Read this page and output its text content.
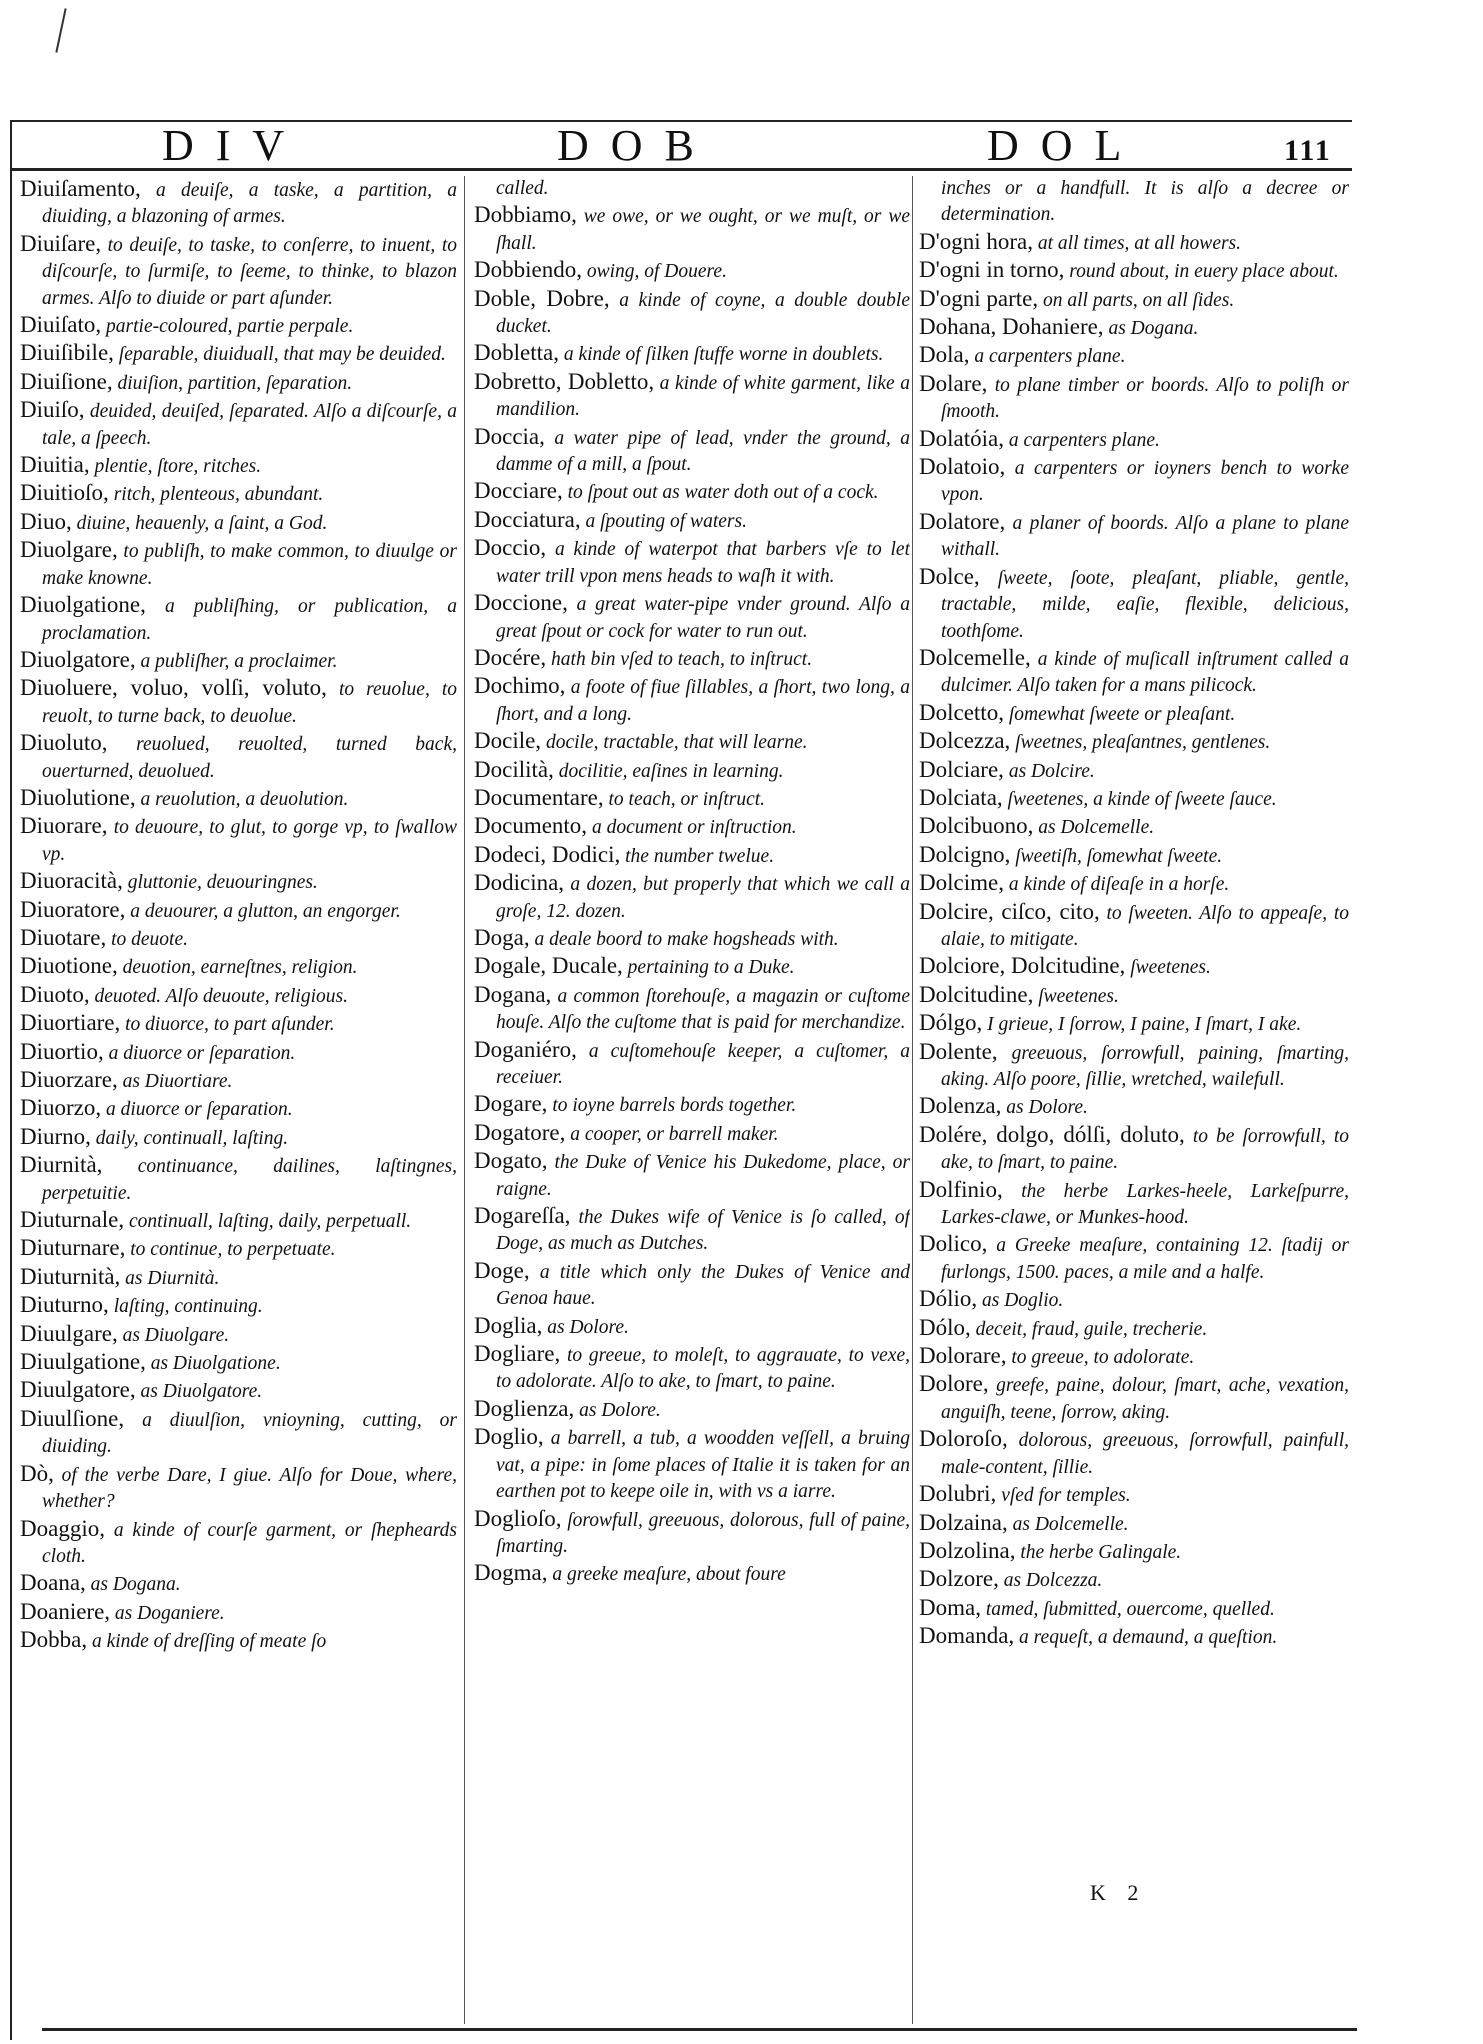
DIV	DOB	DOL	111

Diuiſamento, a deuiſe, a taske, a partition, a diuiding, a blazoning of armes.

Diuiſare, to deuiſe, to taske, to conſerre, to inuent, to diſcourſe, to ſurmiſe, to ſeeme, to thinke, to blazon armes. Alſo to diuide or part aſunder.

Diuiſato, partie-coloured, partie perpale.

Diuiſibile, ſeparable, diuiduall, that may be deuided.

Diuiſione, diuiſion, partition, ſeparation.

Diuiſo, deuided, deuiſed, ſeparated. Alſo a diſcourſe, a tale, a ſpeech.

Diuitia, plentie, ſtore, ritches.

Diuitioſo, ritch, plenteous, abundant.

Diuo, diuine, heauenly, a ſaint, a God.

Diuolgare, to publiſh, to make common, to diuulge or make knowne.

Diuolgatione, a publiſhing, or publication, a proclamation.

Diuolgatore, a publiſher, a proclaimer.

Diuoluere, voluo, volſi, voluto, to reuolue, to reuolt, to turne back, to deuolue.

Diuoluto, reuolued, reuolted, turned back, ouerturned, deuolued.

Diuolutione, a reuolution, a deuolution.

Diuorare, to deuoure, to glut, to gorge vp, to ſwallow vp.

Diuoracità, gluttonie, deuouringnes.

Diuoratore, a deuourer, a glutton, an engorger.

Diuotare, to deuote.

Diuotione, deuotion, earneſtnes, religion.

Diuoto, deuoted. Alſo deuoute, religious.

Diuortiare, to diuorce, to part aſunder.

Diuortio, a diuorce or ſeparation.

Diuorzare, as Diuortiare.

Diuorzo, a diuorce or ſeparation.

Diurno, daily, continuall, laſting.

Diurnità, continuance, dailines, laſtingnes, perpetuitie.

Diuturnale, continuall, laſting, daily, perpetuall.

Diuturnare, to continue, to perpetuate.

Diuturnità, as Diurnità.

Diuturno, laſting, continuing.

Diuulgare, as Diuolgare.

Diuulgatione, as Diuolgatione.

Diuulgatore, as Diuolgatore.

Diuulſione, a diuulſion, vnioyning, cutting, or diuiding.

Dò, of the verbe Dare, I giue. Alſo for Doue, where, whether?

Doaggio, a kinde of courſe garment, or ſhepheards cloth.

Doana, as Dogana.

Doaniere, as Doganiere.

Dobba, a kinde of dreſſing of meate ſo

called.

Dobbiamo, we owe, or we ought, or we muſt, or we ſhall.

Dobbiendo, owing, of Douere.

Doble, Dobre, a kinde of coyne, a double double ducket.

Dobletta, a kinde of ſilken ſtuffe worne in doublets.

Dobretto, Dobletto, a kinde of white garment, like a mandilion.

Doccia, a water pipe of lead, vnder the ground, a damme of a mill, a ſpout.

Docciare, to ſpout out as water doth out of a cock.

Docciatura, a ſpouting of waters.

Doccio, a kinde of waterpot that barbers vſe to let water trill vpon mens heads to waſh it with.

Doccione, a great water-pipe vnder ground. Alſo a great ſpout or cock for water to run out.

Docére, hath bin vſed to teach, to inſtruct.

Dochimo, a foote of fiue ſillables, a ſhort, two long, a ſhort, and a long.

Docile, docile, tractable, that will learne.

Docilità, docilitie, eaſines in learning.

Documentare, to teach, or inſtruct.

Documento, a document or inſtruction.

Dodeci, Dodici, the number twelue.

Dodicina, a dozen, but properly that which we call a groſe, 12. dozen.

Doga, a deale boord to make hogsheads with.

Dogale, Ducale, pertaining to a Duke.

Dogana, a common ſtorehouſe, a magazin or cuſtome houſe. Alſo the cuſtome that is paid for merchandize.

Doganiéro, a cuſtomehouſe keeper, a cuſtomer, a receiuer.

Dogare, to ioyne barrels bords together.

Dogatore, a cooper, or barrell maker.

Dogato, the Duke of Venice his Dukedome, place, or raigne.

Dogareſſa, the Dukes wife of Venice is ſo called, of Doge, as much as Dutches.

Doge, a title which only the Dukes of Venice and Genoa haue.

Doglia, as Dolore.

Dogliare, to greeue, to moleſt, to aggrauate, to vexe, to adolorate. Alſo to ake, to ſmart, to paine.

Doglienza, as Dolore.

Doglio, a barrell, a tub, a woodden veſſell, a bruing vat, a pipe: in ſome places of Italie it is taken for an earthen pot to keepe oile in, with vs a iarre.

Doglioſo, ſorowfull, greeuous, dolorous, full of paine, ſmarting.

Dogma, a greeke meaſure, about foure

inches or a handfull. It is alſo a decree or determination.

D'ogni hora, at all times, at all howers.

D'ogni in torno, round about, in euery place about.

D'ogni parte, on all parts, on all ſides.

Dohana, Dohaniere, as Dogana.

Dola, a carpenters plane.

Dolare, to plane timber or boords. Alſo to poliſh or ſmooth.

Dolatóia, a carpenters plane.

Dolatoio, a carpenters or ioyners bench to worke vpon.

Dolatore, a planer of boords. Alſo a plane to plane withall.

Dolce, ſweete, ſoote, pleaſant, pliable, gentle, tractable, milde, eaſie, flexible, delicious, toothſome.

Dolcemelle, a kinde of muſicall inſtrument called a dulcimer. Alſo taken for a mans pilicock.

Dolcetto, ſomewhat ſweete or pleaſant.

Dolcezza, ſweetnes, pleaſantnes, gentlenes.

Dolciare, as Dolcire.

Dolciata, ſweetenes, a kinde of ſweete ſauce.

Dolcibuono, as Dolcemelle.

Dolcigno, ſweetiſh, ſomewhat ſweete.

Dolcime, a kinde of diſeaſe in a horſe.

Dolcire, ciſco, cito, to ſweeten. Alſo to appeaſe, to alaie, to mitigate.

Dolciore, Dolcitudine, ſweetenes.

Dolcitudine, ſweetenes.

Dólgo, I grieue, I ſorrow, I paine, I ſmart, I ake.

Dolente, greeuous, ſorrowfull, paining, ſmarting, aking. Alſo poore, ſillie, wretched, wailefull.

Dolenza, as Dolore.

Dolére, dolgo, dólſi, doluto, to be ſorrowfull, to ake, to ſmart, to paine.

Dolfinio, the herbe Larkes-heele, Larkeſpurre, Larkes-clawe, or Munkes-hood.

Dolico, a Greeke meaſure, containing 12. ſtadij or furlongs, 1500. paces, a mile and a halfe.

Dólio, as Doglio.

Dólo, deceit, fraud, guile, trecherie.

Dolorare, to greeue, to adolorate.

Dolore, greefe, paine, dolour, ſmart, ache, vexation, anguiſh, teene, ſorrow, aking.

Doloroſo, dolorous, greeuous, ſorrowfull, painfull, male-content, ſillie.

Dolubri, vſed for temples.

Dolzaina, as Dolcemelle.

Dolzolina, the herbe Galingale.

Dolzore, as Dolcezza.

Doma, tamed, ſubmitted, ouercome, quelled.

Domanda, a requeſt, a demaund, a queſtion.

K 2
